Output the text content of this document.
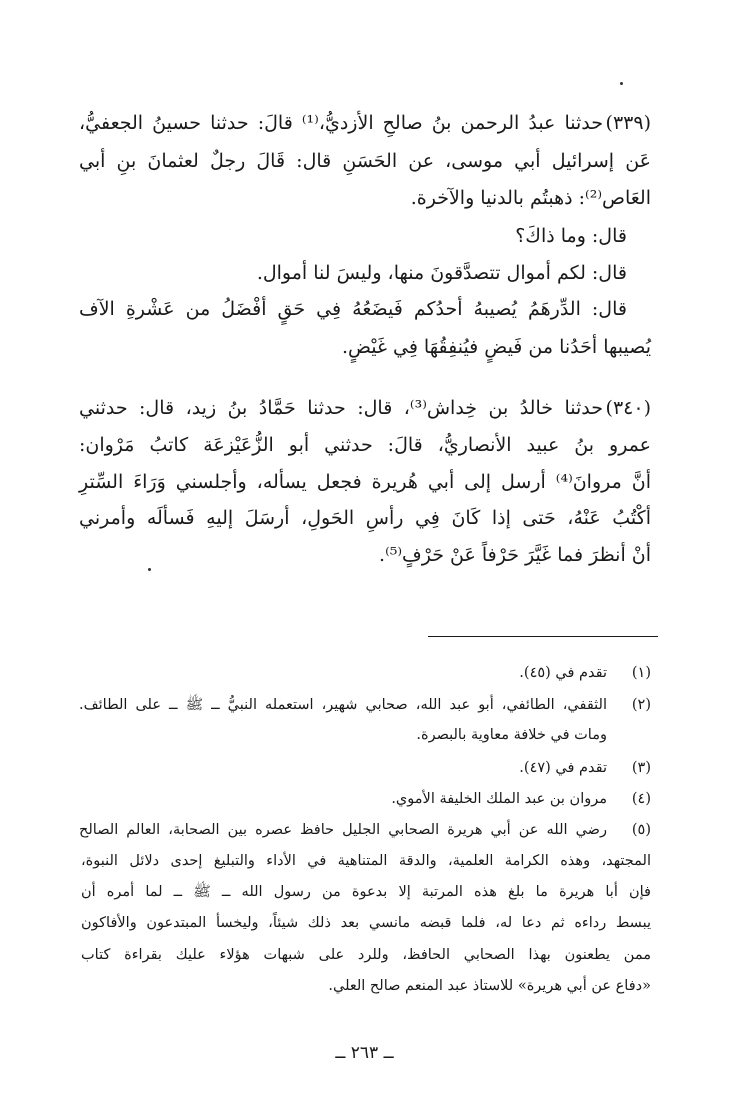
(٣٣٩)
حدثنا عبدُ الرحمن بنُ صالحِ الأزديُّ،⁽¹⁾ قالَ: حدثنا حسينُ الجعفيُّ،
عَن إسرائيل أبي موسى، عن الحَسَنِ قال: قَالَ رجلٌ لعثمانَ بنِ أبي
العَاص⁽²⁾: ذهبتُم بالدنيا والآخرة.
قال: وما ذاكَ؟
قال: لكم أموال تتصدَّقونَ منها، وليسَ لنا أموال.
قال: الدِّرهَمُ يُصيبهُ أحدُكم فَيضَعُهُ فِي حَقٍ أفْضَلُ من عَشْرةِ الآف
يُصيبها أحَدُنا من فَيضٍ فيُنفِقُهَا فِي غَيْضٍ.
(٣٤٠)
حدثنا خالدُ بن خِداش⁽³⁾، قال: حدثنا حَمَّادُ بنُ زيد، قال: حدثني
عمرو بنُ عبيد الأنصاريُّ، قالَ: حدثني أبو الزُّعَيْزعَة كاتبُ مَرْوان:
أنَّ مروانَ⁽⁴⁾ أرسل إلى أبي هُريرة فجعل يسأله، وأجلسني وَرَاءَ السِّترِ
أكْتُبُ عَنْهُ، حَتى إذا كَانَ فِي رأسِ الحَولِ، أرسَلَ إليهِ فَسألَه وأمرني
أنْ أنظرَ فما غَيَّرَ حَرْفاً عَنْ حَرْفٍ⁽⁵⁾.
(١)
تقدم في (٤٥).
(٢)
الثقفي، الطائفي، أبو عبد الله، صحابي شهير، استعمله النبيُّ ــ ﷺ ــ على الطائف.
ومات في خلافة معاوية بالبصرة.
(٣)
تقدم في (٤٧).
(٤)
مروان بن عبد الملك الخليفة الأموي.
(٥)
رضي الله عن أبي هريرة الصحابي الجليل حافظ عصره بين الصحابة، العالم الصالح
المجتهد، وهذه الكرامة العلمية، والدقة المتناهية في الأداء والتبليغ إحدى دلائل النبوة،
فإن أبا هريرة ما بلغ هذه المرتبة إلا بدعوة من رسول الله ــ ﷺ ــ لما أمره أن
يبسط رداءه ثم دعا له، فلما قبضه مانسي بعد ذلك شيئاً، وليخسأ المبتدعون والأفاكون
ممن يطعنون بهذا الصحابي الحافظ، وللرد على شبهات هؤلاء عليك بقراءة كتاب
«دفاع عن أبي هريرة» للاستاذ عبد المنعم صالح العلي.
ــ ٢٦٣ ــ
